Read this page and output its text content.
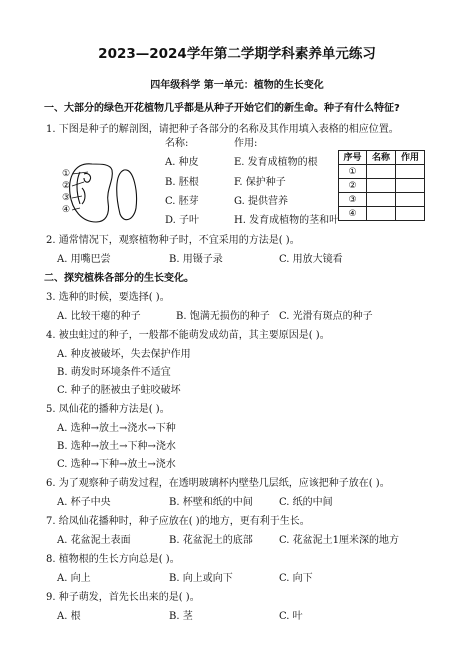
2023—2024学年第二学期学科素养单元练习
四年级科学 第一单元：植物的生长变化
一、大部分的绿色开花植物几乎都是从种子开始它们的新生命。种子有什么特征?
1. 下图是种子的解剖图，请把种子各部分的名称及其作用填入表格的相应位置。
①
②
③
④
名称:	作用:
A. 种皮
B. 胚根
C. 胚芽
D. 子叶
E. 发育成植物的根
F. 保护种子
G. 提供营养
H. 发育成植物的茎和叶
序号	名称	作用
①
②
③
④
2. 通常情况下，观察植物种子时，不宜采用的方法是( )。
A. 用嘴巴尝	B. 用镊子录	C. 用放大镜看
二、探究植株各部分的生长变化。
3. 选种的时候，要选择( )。
A. 比较干瘪的种子	B. 饱满无损伤的种子 C. 光滑有斑点的种子
4. 被虫蛀过的种子，一般都不能萌发成幼苗，其主要原因是( )。
A. 种皮被破坏，失去保护作用
B. 萌发时环境条件不适宜
C. 种子的胚被虫子蛀咬破坏
5. 凤仙花的播种方法是( )。
A. 选种→放土→浇水→下种
B. 选种→放土→下种→浇水
C. 选种→下种→放土→浇水
6. 为了观察种子萌发过程，在透明玻璃杯内壁垫几层纸，应该把种子放在( )。
A. 杯子中央	B. 杯壁和纸的中间	C. 纸的中间
7. 给凤仙花播种时，种子应放在( )的地方，更有利于生长。
A. 花盆泥土表面	B. 花盆泥土的底部	C. 花盆泥土1厘米深的地方
8. 植物根的生长方向总是( )。
A. 向上	B. 向上或向下	C. 向下
9. 种子萌发，首先长出来的是( )。
A. 根	B. 茎	C. 叶
